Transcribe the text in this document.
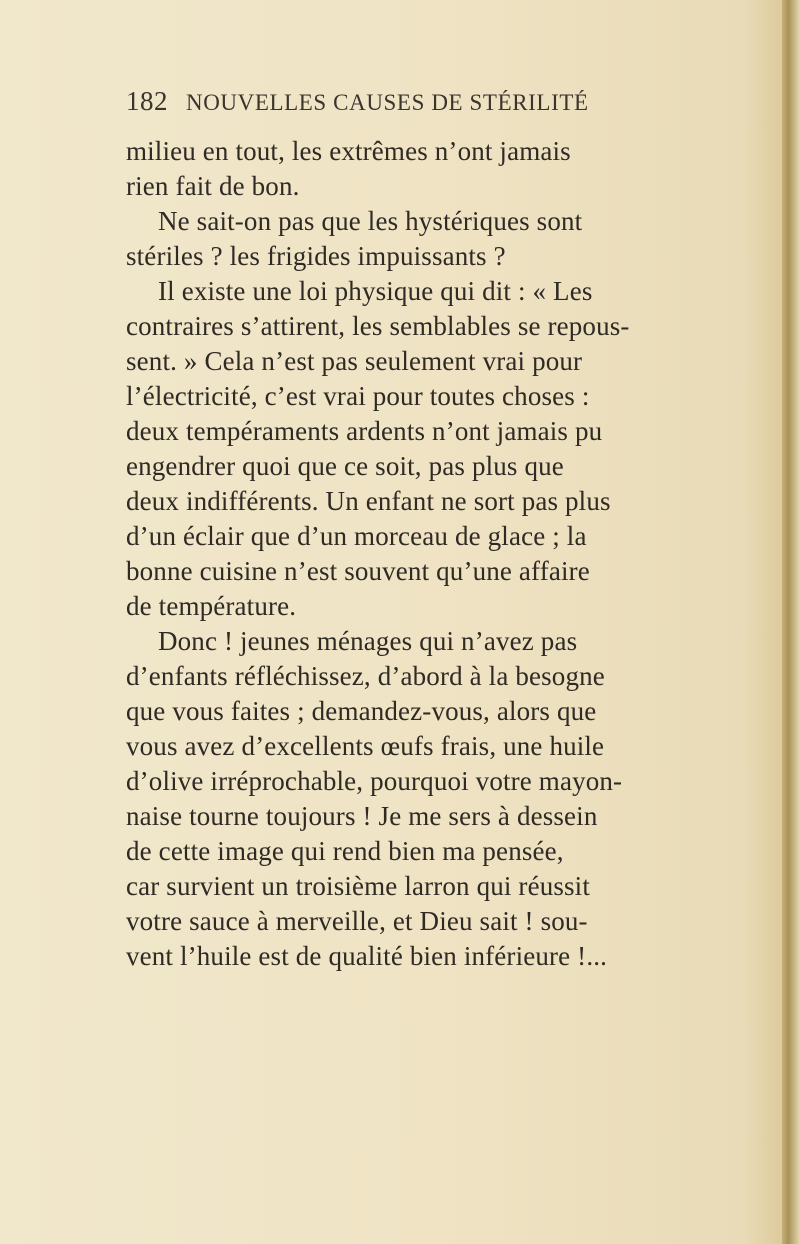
182 NOUVELLES CAUSES DE STÉRILITÉ
milieu en tout, les extrêmes n’ont jamais
rien fait de bon.
Ne sait-on pas que les hystériques sont
stériles ? les frigides impuissants ?
Il existe une loi physique qui dit : « Les
contraires s’attirent, les semblables se repous-
sent. » Cela n’est pas seulement vrai pour
l’électricité, c’est vrai pour toutes choses :
deux tempéraments ardents n’ont jamais pu
engendrer quoi que ce soit, pas plus que
deux indifférents. Un enfant ne sort pas plus
d’un éclair que d’un morceau de glace ; la
bonne cuisine n’est souvent qu’une affaire
de température.
Donc ! jeunes ménages qui n’avez pas
d’enfants réfléchissez, d’abord à la besogne
que vous faites ; demandez-vous, alors que
vous avez d’excellents œufs frais, une huile
d’olive irréprochable, pourquoi votre mayon-
naise tourne toujours ! Je me sers à dessein
de cette image qui rend bien ma pensée,
car survient un troisième larron qui réussit
votre sauce à merveille, et Dieu sait ! sou-
vent l’huile est de qualité bien inférieure !...
